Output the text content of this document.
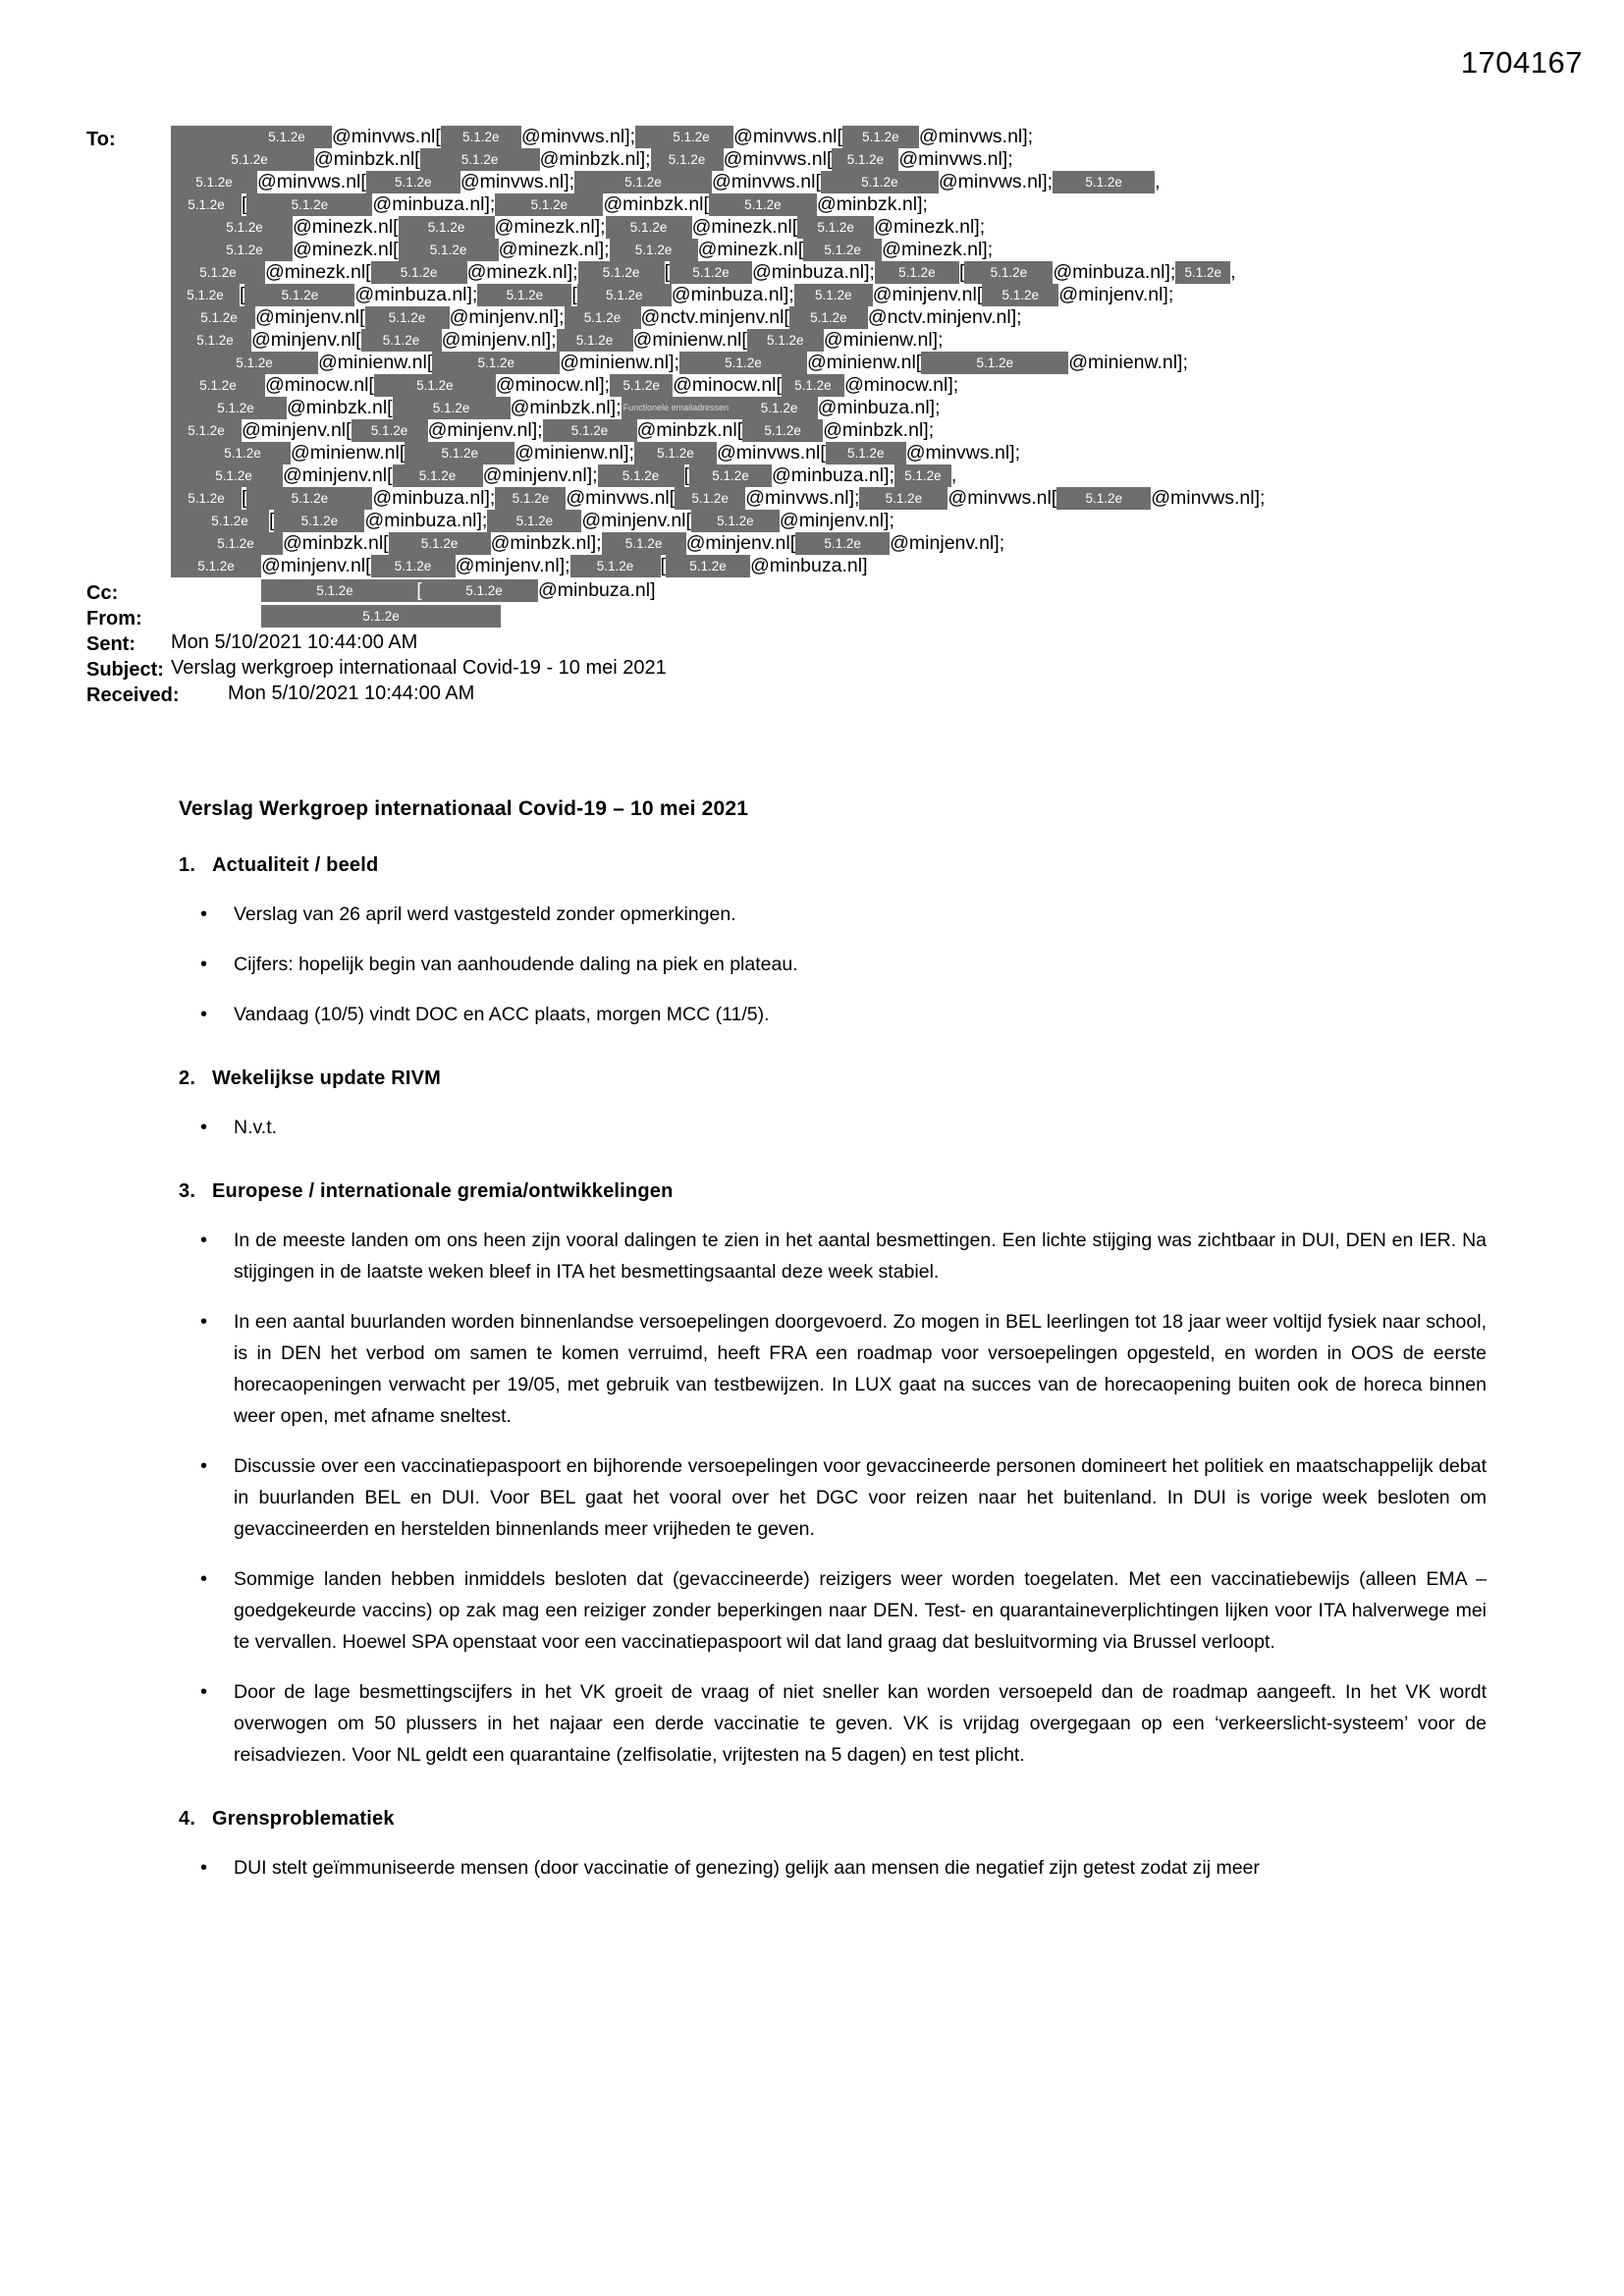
1704167
To:	5.1.2e	@minvws.nl[	5.1.2e	@minvws.nl];	5.1.2e	@minvws.nl[	5.1.2e	@minvws.nl];
5.1.2e	@minbzk.nl[	5.1.2e	@minbzk.nl];	5.1.2e @minvws.nl[	5.1.2e @minvws.nl];
5.1.2e	@minvws.nl[	5.1.2e	@minvws.nl];	5.1.2e	@minvws.nl[	5.1.2e	@minvws.nl];	5.1.2e	,
5.1.2e [	5.1.2e	@minbuza.nl];	5.1.2e	@minbzk.nl[	5.1.2e	@minbzk.nl];
5.1.2e	@minezk.nl[	5.1.2e	@minezk.nl];	5.1.2e	@minezk.nl[	5.1.2e	@minezk.nl];
5.1.2e	@minezk.nl[	5.1.2e	@minezk.nl];	5.1.2e	@minezk.nl[	5.1.2e	@minezk.nl];
5.1.2e	@minezk.nl[	5.1.2e	@minezk.nl];	5.1.2e	[	5.1.2e	@minbuza.nl];	5.1.2e	[	5.1.2e	@minbuza.nl]; 5.1.2e ,
5.1.2e [	5.1.2e	@minbuza.nl];	5.1.2e	[	5.1.2e	@minbuza.nl];	5.1.2e	@minjenv.nl[	5.1.2e	@minjenv.nl];
5.1.2e @minjenv.nl[	5.1.2e	@minjenv.nl];	5.1.2e	@nctv.minjenv.nl[	5.1.2e	@nctv.minjenv.nl];
5.1.2e @minjenv.nl[	5.1.2e	@minjenv.nl];	5.1.2e	@minienw.nl[	5.1.2e	@minienw.nl];
5.1.2e	@minienw.nl[	5.1.2e	@minienw.nl];	5.1.2e	@minienw.nl[	5.1.2e	@minienw.nl];
5.1.2e	@minocw.nl[	5.1.2e	@minocw.nl]; 5.1.2e @minocw.nl[ 5.1.2e @minocw.nl];
5.1.2e	@minbzk.nl[	5.1.2e	@minbzk.nl]; Functionele emailadressen	5.1.2e	@minbuza.nl];
5.1.2e @minjenv.nl[	5.1.2e	@minjenv.nl];	5.1.2e	@minbzk.nl[	5.1.2e	@minbzk.nl];
5.1.2e	@minienw.nl[	5.1.2e	@minienw.nl];	5.1.2e	@minvws.nl[	5.1.2e	@minvws.nl];
5.1.2e	@minjenv.nl[	5.1.2e	@minjenv.nl];	5.1.2e	[	5.1.2e	@minbuza.nl]; 5.1.2e ,
5.1.2e [	5.1.2e	@minbuza.nl];	5.1.2e @minvws.nl[	5.1.2e @minvws.nl];	5.1.2e	@minvws.nl[	5.1.2e	@minvws.nl];
5.1.2e	[	5.1.2e	@minbuza.nl];	5.1.2e	@minjenv.nl[	5.1.2e	@minjenv.nl];
5.1.2e	@minbzk.nl[	5.1.2e	@minbzk.nl];	5.1.2e	@minjenv.nl[	5.1.2e	@minjenv.nl];
5.1.2e	@minjenv.nl[	5.1.2e	@minjenv.nl];	5.1.2e	[	5.1.2e	@minbuza.nl]
Cc:	5.1.2e	[	5.1.2e @minbuza.nl]
From:	5.1.2e
Sent:	Mon 5/10/2021 10:44:00 AM
Subject: Verslag werkgroep internationaal Covid-19 - 10 mei 2021
Received:	Mon 5/10/2021 10:44:00 AM
Verslag Werkgroep internationaal Covid-19 – 10 mei 2021
1. Actualiteit / beeld
• Verslag van 26 april werd vastgesteld zonder opmerkingen.
• Cijfers: hopelijk begin van aanhoudende daling na piek en plateau.
• Vandaag (10/5) vindt DOC en ACC plaats, morgen MCC (11/5).
2. Wekelijkse update RIVM
• N.v.t.
3. Europese / internationale gremia/ontwikkelingen
• In de meeste landen om ons heen zijn vooral dalingen te zien in het aantal besmettingen. Een lichte stijging was zichtbaar in DUI, DEN en IER. Na stijgingen in de laatste weken bleef in ITA het besmettingsaantal deze week stabiel.
• In een aantal buurlanden worden binnenlandse versoepelingen doorgevoerd. Zo mogen in BEL leerlingen tot 18 jaar weer voltijd fysiek naar school, is in DEN het verbod om samen te komen verruimd, heeft FRA een roadmap voor versoepelingen opgesteld, en worden in OOS de eerste horecaopeningen verwacht per 19/05, met gebruik van testbewijzen. In LUX gaat na succes van de horecaopening buiten ook de horeca binnen weer open, met afname sneltest.
• Discussie over een vaccinatiepaspoort en bijhorende versoepelingen voor gevaccineerde personen domineert het politiek en maatschappelijk debat in buurlanden BEL en DUI. Voor BEL gaat het vooral over het DGC voor reizen naar het buitenland. In DUI is vorige week besloten om gevaccineerden en herstelden binnenlands meer vrijheden te geven.
• Sommige landen hebben inmiddels besloten dat (gevaccineerde) reizigers weer worden toegelaten. Met een vaccinatiebewijs (alleen EMA –goedgekeurde vaccins) op zak mag een reiziger zonder beperkingen naar DEN. Test- en quarantaineverplichtingen lijken voor ITA halverwege mei te vervallen. Hoewel SPA openstaat voor een vaccinatiepaspoort wil dat land graag dat besluitvorming via Brussel verloopt.
• Door de lage besmettingscijfers in het VK groeit de vraag of niet sneller kan worden versoepeld dan de roadmap aangeeft. In het VK wordt overwogen om 50 plussers in het najaar een derde vaccinatie te geven. VK is vrijdag overgegaan op een ‘verkeerslicht-systeem’ voor de reisadviezen. Voor NL geldt een quarantaine (zelfisolatie, vrijtesten na 5 dagen) en test plicht.
4. Grensproblematiek
• DUI stelt geïmmuniseerde mensen (door vaccinatie of genezing) gelijk aan mensen die negatief zijn getest zodat zij meer
